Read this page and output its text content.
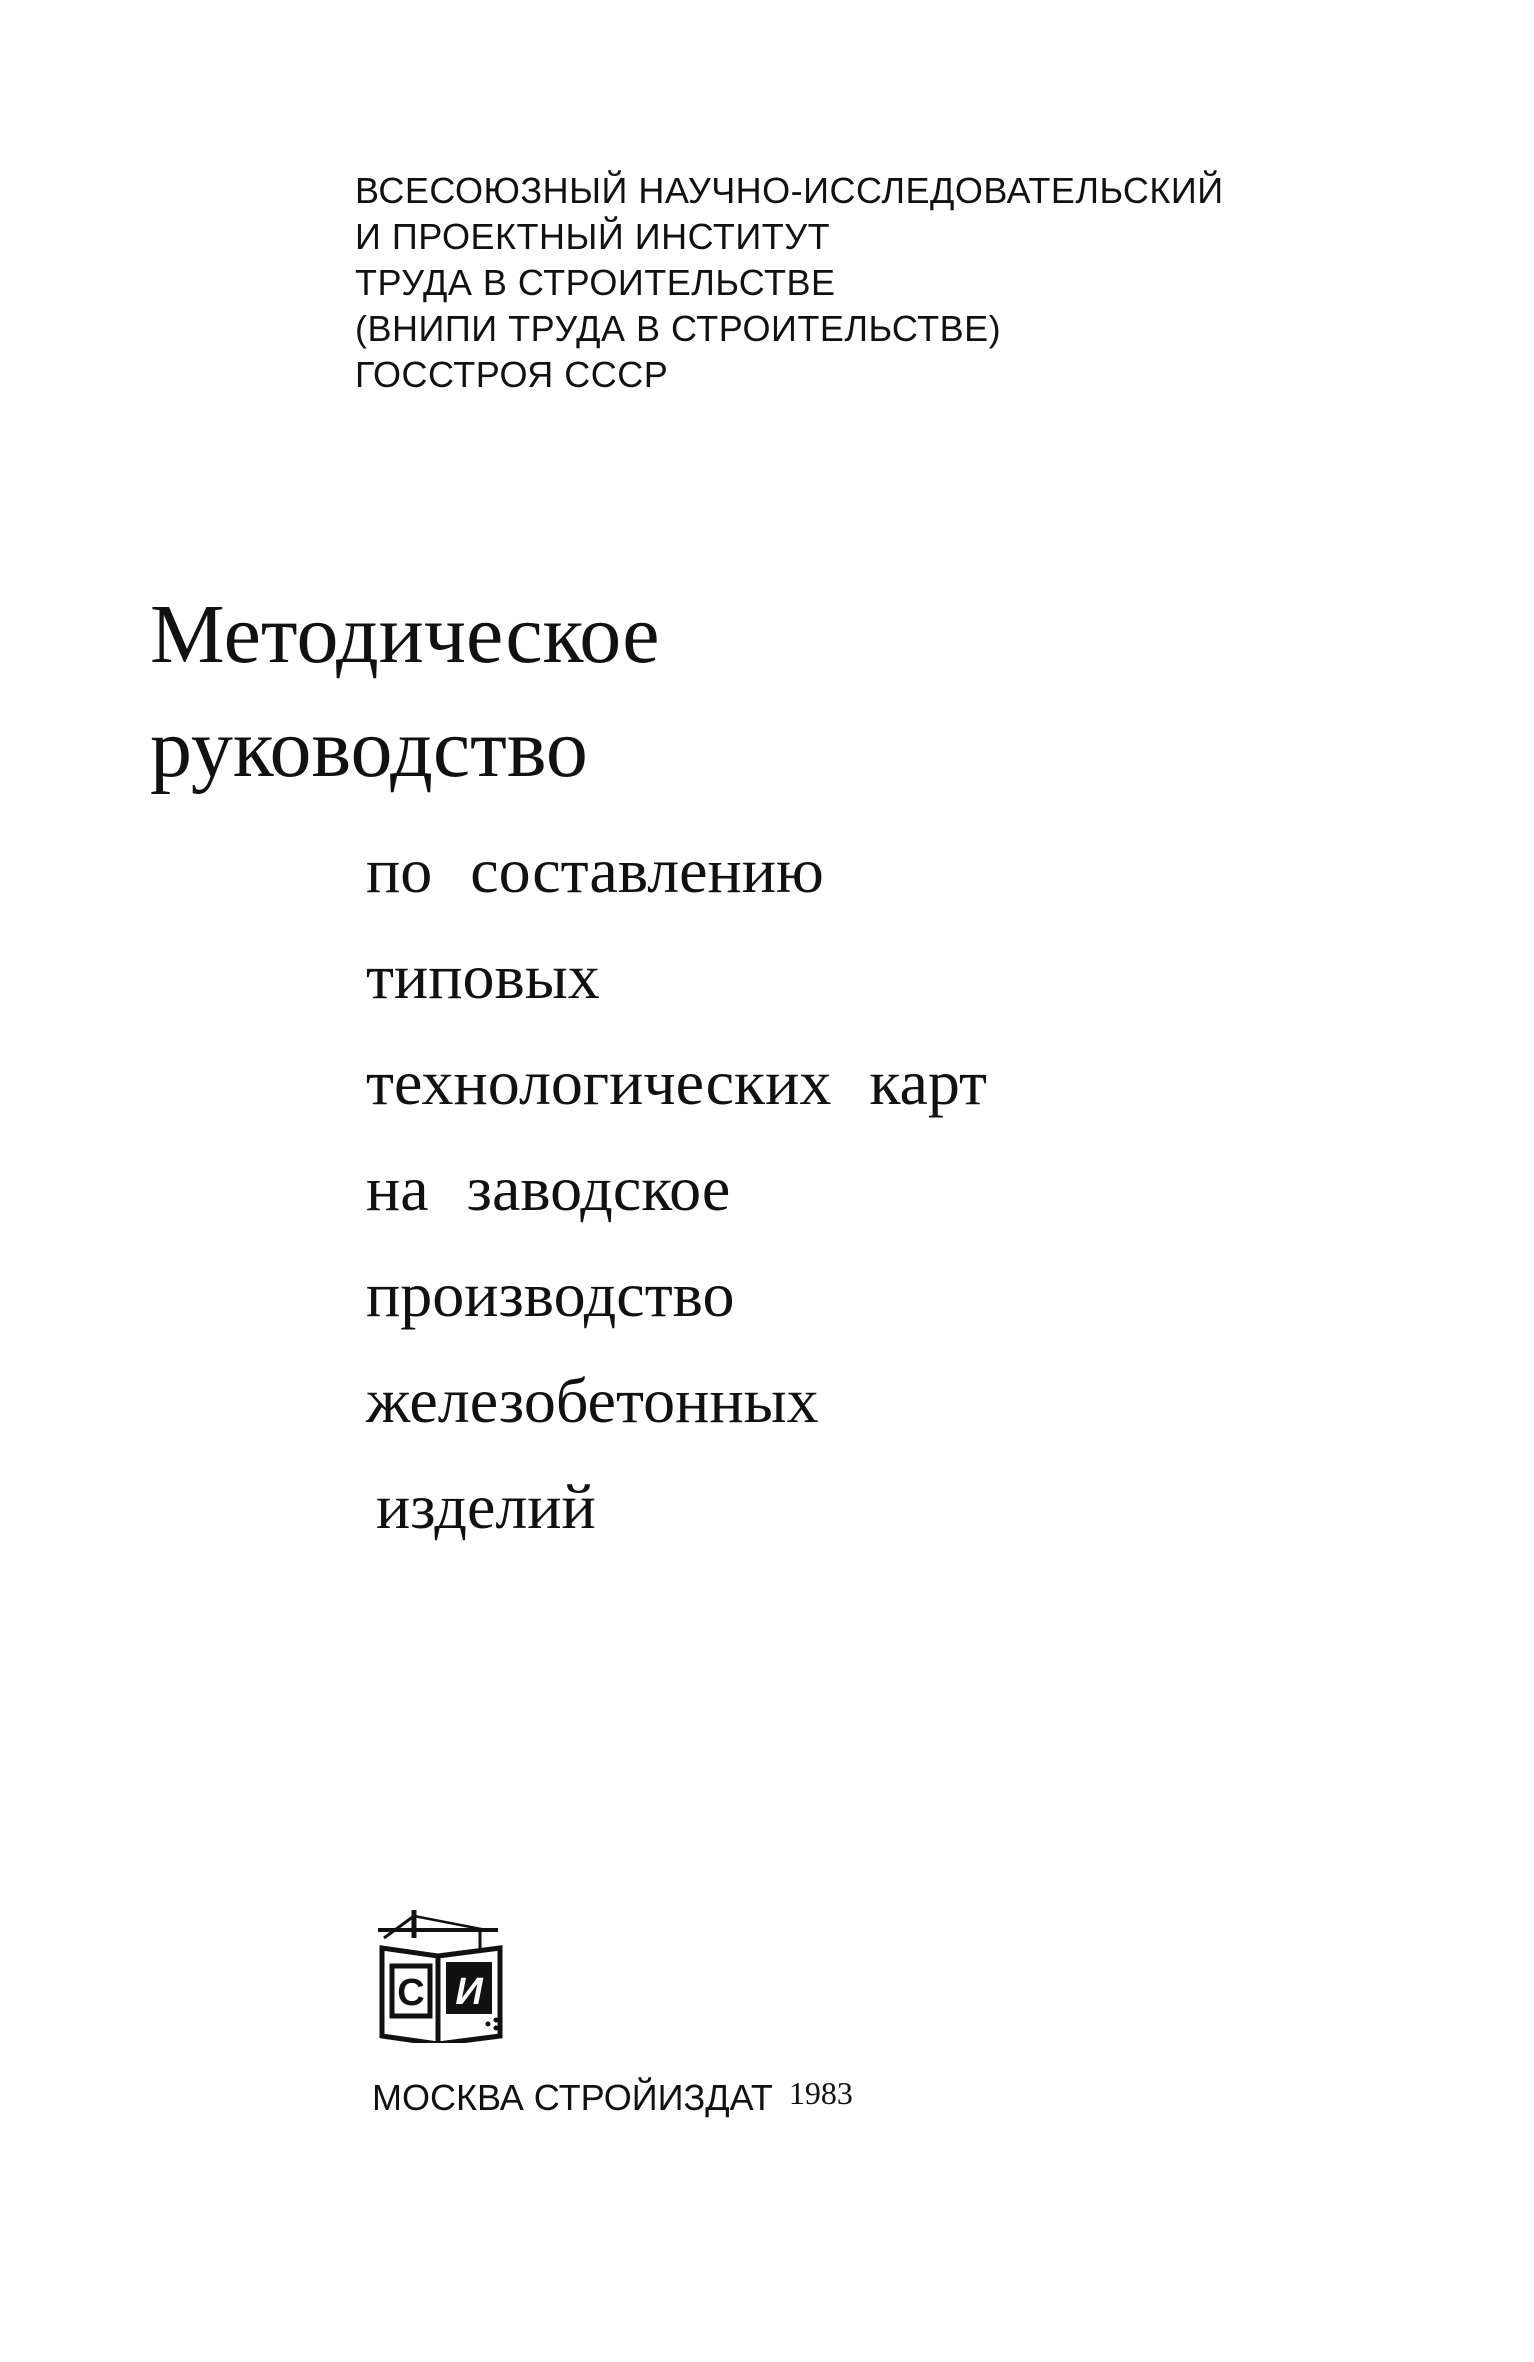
ВСЕСОЮЗНЫЙ НАУЧНО-ИССЛЕДОВАТЕЛЬСКИЙ
И ПРОЕКТНЫЙ ИНСТИТУТ
ТРУДА В СТРОИТЕЛЬСТВЕ
(ВНИПИ ТРУДА В СТРОИТЕЛЬСТВЕ)
ГОССТРОЯ СССР
Методическое
руководство
по составлению
типовых
технологических карт
на заводское
производство
железобетонных
изделий
С И
МОСКВА СТРОЙИЗДАТ 1983
